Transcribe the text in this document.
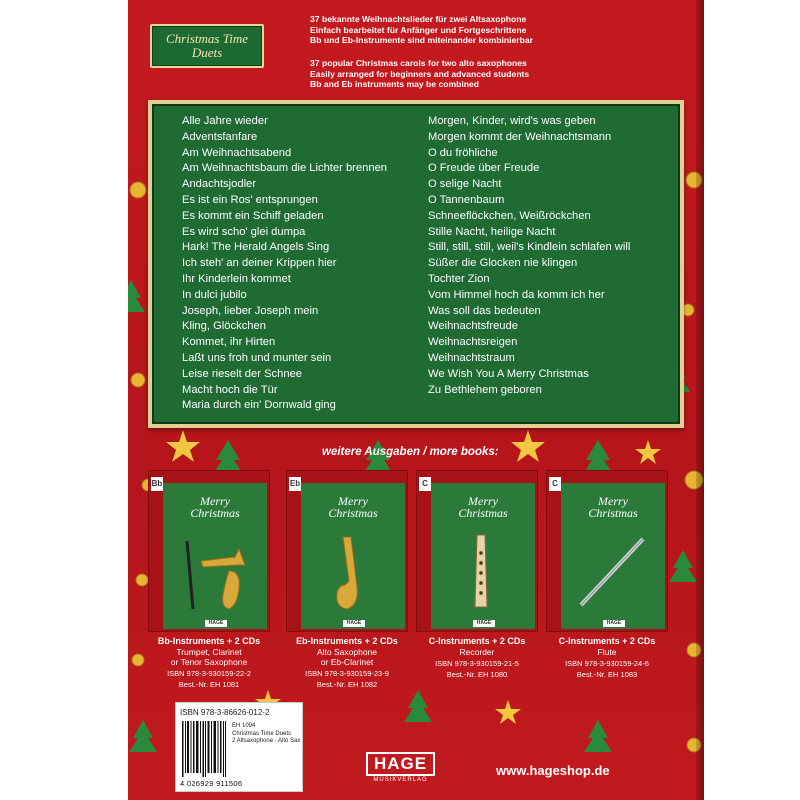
Christmas Time
Duets
37 bekannte Weihnachtslieder für zwei Altsaxophone
Einfach bearbeitet für Anfänger und Fortgeschrittene
Bb und Eb-Instrumente sind miteinander kombinierbar
37 popular Christmas carols for two alto saxophones
Easily arranged for beginners and advanced students
Bb and Eb instruments may be combined
Alle Jahre wieder
Adventsfanfare
Am Weihnachtsabend
Am Weihnachtsbaum die Lichter brennen
Andachtsjodler
Es ist ein Ros' entsprungen
Es kommt ein Schiff geladen
Es wird scho' glei dumpa
Hark! The Herald Angels Sing
Ich steh' an deiner Krippen hier
Ihr Kinderlein kommet
In dulci jubilo
Joseph, lieber Joseph mein
Kling, Glöckchen
Kommet, ihr Hirten
Laßt uns froh und munter sein
Leise rieselt der Schnee
Macht hoch die Tür
Maria durch ein' Dornwald ging
Morgen, Kinder, wird's was geben
Morgen kommt der Weihnachtsmann
O du fröhliche
O Freude über Freude
O selige Nacht
O Tannenbaum
Schneeflöckchen, Weißröckchen
Stille Nacht, heilige Nacht
Still, still, still, weil's Kindlein schlafen will
Süßer die Glocken nie klingen
Tochter Zion
Vom Himmel hoch da komm ich her
Was soll das bedeuten
Weihnachtsfreude
Weihnachtsreigen
Weihnachtstraum
We Wish You A Merry Christmas
Zu Bethlehem geboren
weitere Ausgaben / more books:
Bb
Merry
Christmas
HAGE
Bb-Instruments + 2 CDs
Trumpet, Clarinet
or Tenor Saxophone
ISBN 978-3-930159-22-2
Best.-Nr. EH 1081
Eb
Merry
Christmas
HAGE
Eb-Instruments + 2 CDs
Alto Saxophone
or Eb-Clarinet
ISBN 978-3-930159-23-9
Best.-Nr. EH 1082
C
Merry
Christmas
HAGE
C-Instruments + 2 CDs
Recorder
ISBN 978-3-930159-21-5
Best.-Nr. EH 1080
C
Merry
Christmas
HAGE
C-Instruments + 2 CDs
Flute
ISBN 978-3-930159-24-6
Best.-Nr. EH 1083
ISBN 978-3-86626-012-2
EH 1094
Christmas Time Duets
2 Altsaxophone · Alto Sax
4 026929 911506
HAGE
MUSIKVERLAG
www.hageshop.de
